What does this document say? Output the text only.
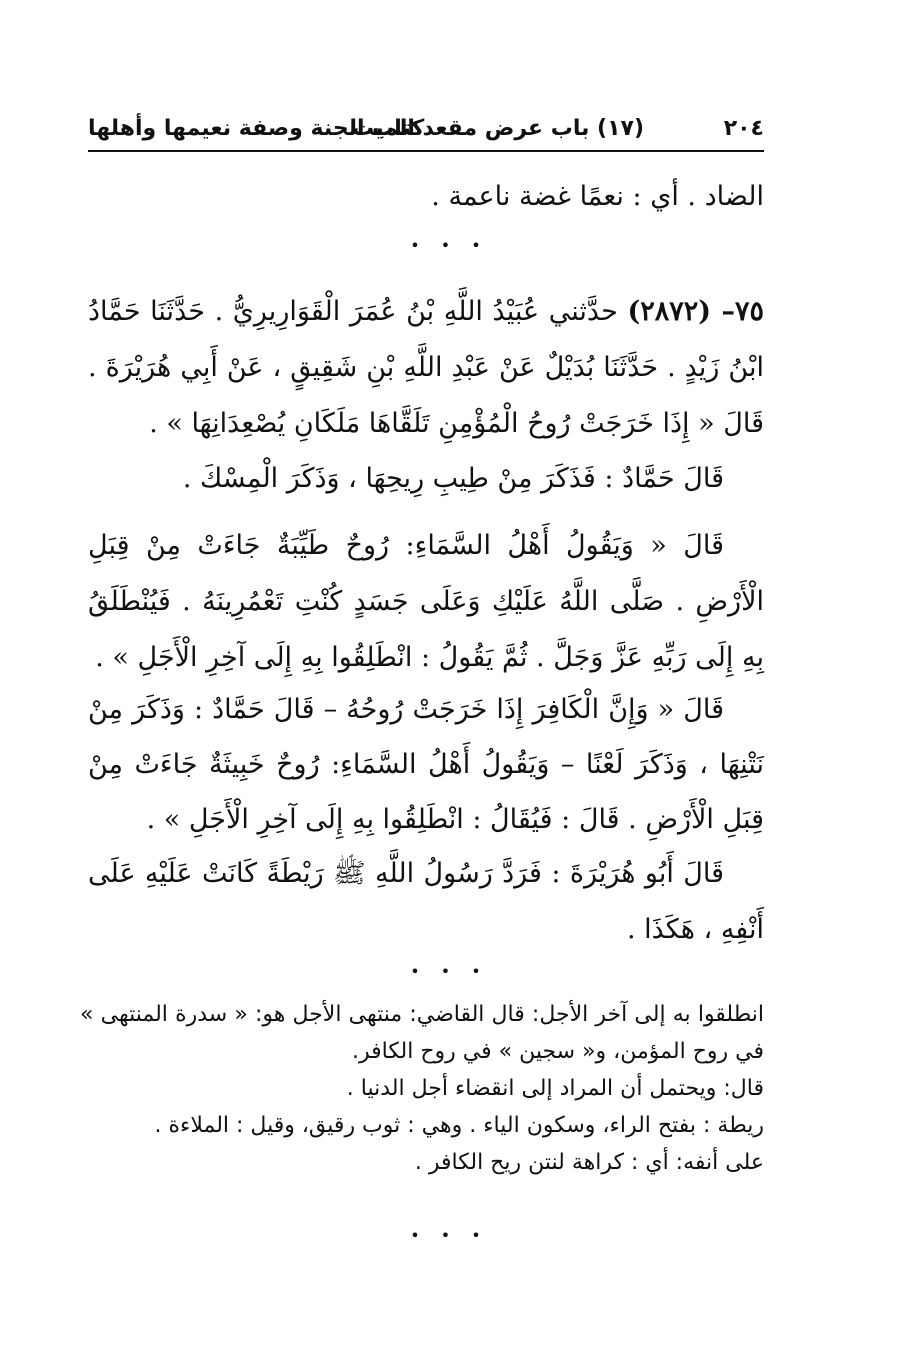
٢٠٤
(١٧) باب عرض مقعد الميت
كتاب الجنة وصفة نعيمها وأهلها

الضاد . أي : نعمًا غضة ناعمة .

• • •

٧٥– (٢٨٧٢) حدَّثني عُبَيْدُ اللَّهِ بْنُ عُمَرَ الْقَوَارِيرِيُّ . حَدَّثَنَا حَمَّادُ ابْنُ زَيْدٍ . حَدَّثَنَا بُدَيْلٌ عَنْ عَبْدِ اللَّهِ بْنِ شَقِيقٍ ، عَنْ أَبِي هُرَيْرَةَ . قَالَ « إِذَا خَرَجَتْ رُوحُ الْمُؤْمِنِ تَلَقَّاهَا مَلَكَانِ يُصْعِدَانِهَا » .

قَالَ حَمَّادٌ : فَذَكَرَ مِنْ طِيبِ رِيحِهَا ، وَذَكَرَ الْمِسْكَ .

قَالَ « وَيَقُولُ أَهْلُ السَّمَاءِ: رُوحٌ طَيِّبَةٌ جَاءَتْ مِنْ قِبَلِ الْأَرْضِ . صَلَّى اللَّهُ عَلَيْكِ وَعَلَى جَسَدٍ كُنْتِ تَعْمُرِينَهُ . فَيُنْطَلَقُ بِهِ إِلَى رَبِّهِ عَزَّ وَجَلَّ . ثُمَّ يَقُولُ : انْطَلِقُوا بِهِ إِلَى آخِرِ الْأَجَلِ » .

قَالَ « وَإِنَّ الْكَافِرَ إِذَا خَرَجَتْ رُوحُهُ – قَالَ حَمَّادٌ : وَذَكَرَ مِنْ نَتْنِهَا ، وَذَكَرَ لَعْنًا – وَيَقُولُ أَهْلُ السَّمَاءِ: رُوحٌ خَبِيثَةٌ جَاءَتْ مِنْ قِبَلِ الْأَرْضِ . قَالَ : فَيُقَالُ : انْطَلِقُوا بِهِ إِلَى آخِرِ الْأَجَلِ » .

قَالَ أَبُو هُرَيْرَةَ : فَرَدَّ رَسُولُ اللَّهِ ﷺ رَيْطَةً كَانَتْ عَلَيْهِ عَلَى أَنْفِهِ ، هَكَذَا .

• • •

انطلقوا به إلى آخر الأجل: قال القاضي: منتهى الأجل هو: « سدرة المنتهى » في روح المؤمن، و« سجين » في روح الكافر.

قال: ويحتمل أن المراد إلى انقضاء أجل الدنيا .

ريطة : بفتح الراء، وسكون الياء . وهي : ثوب رقيق، وقيل : الملاءة .

على أنفه: أي : كراهة لنتن ريح الكافر .

• • •
